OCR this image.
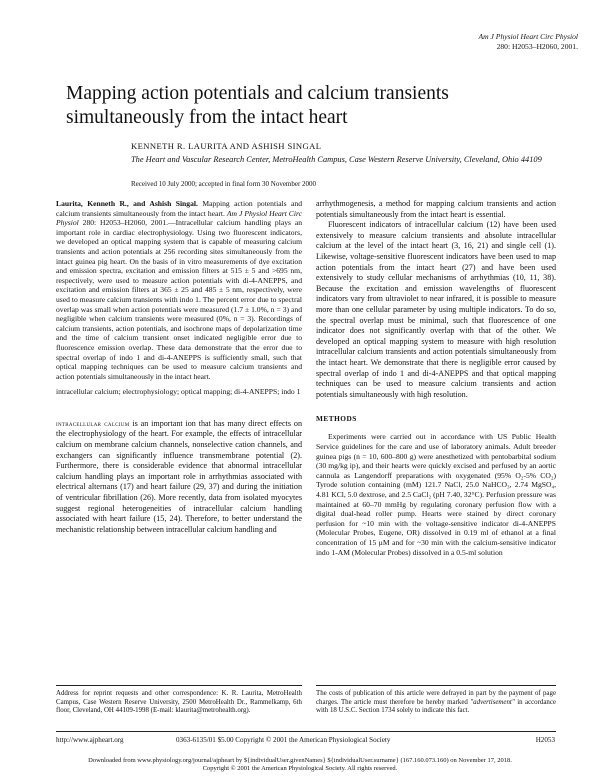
Am J Physiol Heart Circ Physiol
280: H2053–H2060, 2001.
Mapping action potentials and calcium transients simultaneously from the intact heart
KENNETH R. LAURITA AND ASHISH SINGAL
The Heart and Vascular Research Center, MetroHealth Campus, Case Western Reserve University, Cleveland, Ohio 44109
Received 10 July 2000; accepted in final form 30 November 2000

Laurita, Kenneth R., and Ashish Singal. Mapping action potentials and calcium transients simultaneously from the intact heart. Am J Physiol Heart Circ Physiol 280: H2053–H2060, 2001.—Intracellular calcium handling plays an important role in cardiac electrophysiology. Using two fluorescent indicators, we developed an optical mapping system that is capable of measuring calcium transients and action potentials at 256 recording sites simultaneously from the intact guinea pig heart. On the basis of in vitro measurements of dye excitation and emission spectra, excitation and emission filters at 515 ± 5 and >695 nm, respectively, were used to measure action potentials with di-4-ANEPPS, and excitation and emission filters at 365 ± 25 and 485 ± 5 nm, respectively, were used to measure calcium transients with indo 1. The percent error due to spectral overlap was small when action potentials were measured (1.7 ± 1.0%, n = 3) and negligible when calcium transients were measured (0%, n = 3). Recordings of calcium transients, action potentials, and isochrone maps of depolarization time and the time of calcium transient onset indicated negligible error due to fluorescence emission overlap. These data demonstrate that the error due to spectral overlap of indo 1 and di-4-ANEPPS is sufficiently small, such that optical mapping techniques can be used to measure calcium transients and action potentials simultaneously in the intact heart.

intracellular calcium; electrophysiology; optical mapping; di-4-ANEPPS; indo 1

intracellular calcium is an important ion that has many direct effects on the electrophysiology of the heart. For example, the effects of intracellular calcium on membrane calcium channels, nonselective cation channels, and exchangers can significantly influence transmembrane potential (2). Furthermore, there is considerable evidence that abnormal intracellular calcium handling plays an important role in arrhythmias associated with electrical alternans (17) and heart failure (29, 37) and during the initiation of ventricular fibrillation (26). More recently, data from isolated myocytes suggest regional heterogeneities of intracellular calcium handling associated with heart failure (15, 24). Therefore, to better understand the mechanistic relationship between intracellular calcium handling and

arrhythmogenesis, a method for mapping calcium transients and action potentials simultaneously from the intact heart is essential.

Fluorescent indicators of intracellular calcium (12) have been used extensively to measure calcium transients and absolute intracellular calcium at the level of the intact heart (3, 16, 21) and single cell (1). Likewise, voltage-sensitive fluorescent indicators have been used to map action potentials from the intact heart (27) and have been used extensively to study cellular mechanisms of arrhythmias (10, 11, 38). Because the excitation and emission wavelengths of fluorescent indicators vary from ultraviolet to near infrared, it is possible to measure more than one cellular parameter by using multiple indicators. To do so, the spectral overlap must be minimal, such that fluorescence of one indicator does not significantly overlap with that of the other. We developed an optical mapping system to measure with high resolution intracellular calcium transients and action potentials simultaneously from the intact heart. We demonstrate that there is negligible error caused by spectral overlap of indo 1 and di-4-ANEPPS and that optical mapping techniques can be used to measure calcium transients and action potentials simultaneously with high resolution.

METHODS

Experiments were carried out in accordance with US Public Health Service guidelines for the care and use of laboratory animals. Adult breeder guinea pigs (n = 10, 600–800 g) were anesthetized with pentobarbital sodium (30 mg/kg ip), and their hearts were quickly excised and perfused by an aortic cannula as Langendorff preparations with oxygenated (95% O₂-5% CO₂) Tyrode solution containing (mM) 121.7 NaCl, 25.0 NaHCO₃, 2.74 MgSO₄, 4.81 KCl, 5.0 dextrose, and 2.5 CaCl₂ (pH 7.40, 32°C). Perfusion pressure was maintained at 60–70 mmHg by regulating coronary perfusion flow with a digital dual-head roller pump. Hearts were stained by direct coronary perfusion for ~10 min with the voltage-sensitive indicator di-4-ANEPPS (Molecular Probes, Eugene, OR) dissolved in 0.19 ml of ethanol at a final concentration of 15 μM and for ~30 min with the calcium-sensitive indicator indo 1-AM (Molecular Probes) dissolved in a 0.5-ml solution

Address for reprint requests and other correspondence: K. R. Laurita, MetroHealth Campus, Case Western Reserve University, 2500 MetroHealth Dr., Rammelkamp, 6th floor, Cleveland, OH 44109-1998 (E-mail: klaurita@metrohealth.org).
The costs of publication of this article were defrayed in part by the payment of page charges. The article must therefore be hereby marked "advertisement" in accordance with 18 U.S.C. Section 1734 solely to indicate this fact.
http://www.ajpheart.org	0363-6135/01 $5.00 Copyright © 2001 the American Physiological Society	H2053
Downloaded from www.physiology.org/journal/ajpheart by ${individualUser.givenNames} ${individualUser.surname} (167.160.073.160) on November 17, 2018.
Copyright © 2001 the American Physiological Society. All rights reserved.
